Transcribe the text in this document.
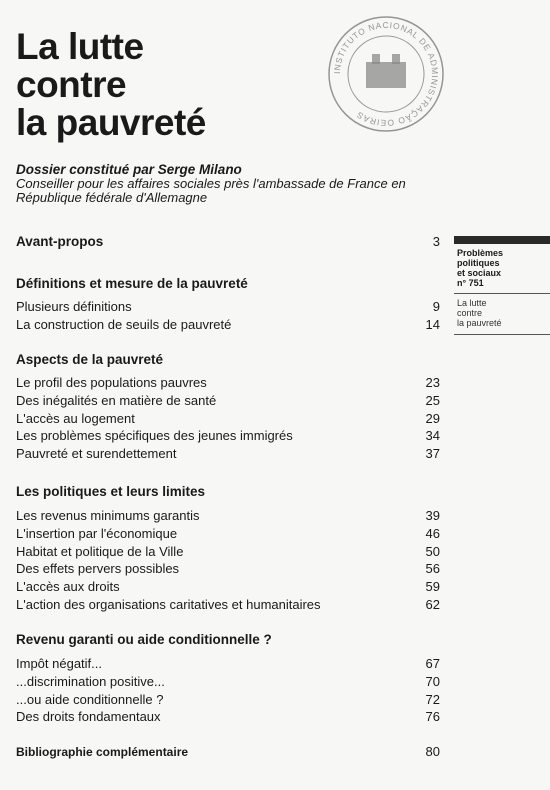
La lutte
contre
la pauvreté
INSTITUTO NACIONAL DE ADMINISTRAÇÃO OEIRAS
Dossier constitué par Serge Milano
Conseiller pour les affaires sociales près l'ambassade de France en
République fédérale d'Allemagne
Problèmes
politiques
et sociaux
n° 751
La lutte
contre
la pauvreté
Avant-propos	3
Définitions et mesure de la pauvreté
Plusieurs définitions	9
La construction de seuils de pauvreté	14
Aspects de la pauvreté
Le profil des populations pauvres	23
Des inégalités en matière de santé	25
L'accès au logement	29
Les problèmes spécifiques des jeunes immigrés	34
Pauvreté et surendettement	37
Les politiques et leurs limites
Les revenus minimums garantis	39
L'insertion par l'économique	46
Habitat et politique de la Ville	50
Des effets pervers possibles	56
L'accès aux droits	59
L'action des organisations caritatives et humanitaires	62
Revenu garanti ou aide conditionnelle ?
Impôt négatif...	67
...discrimination positive...	70
...ou aide conditionnelle ?	72
Des droits fondamentaux	76
Bibliographie complémentaire	80
